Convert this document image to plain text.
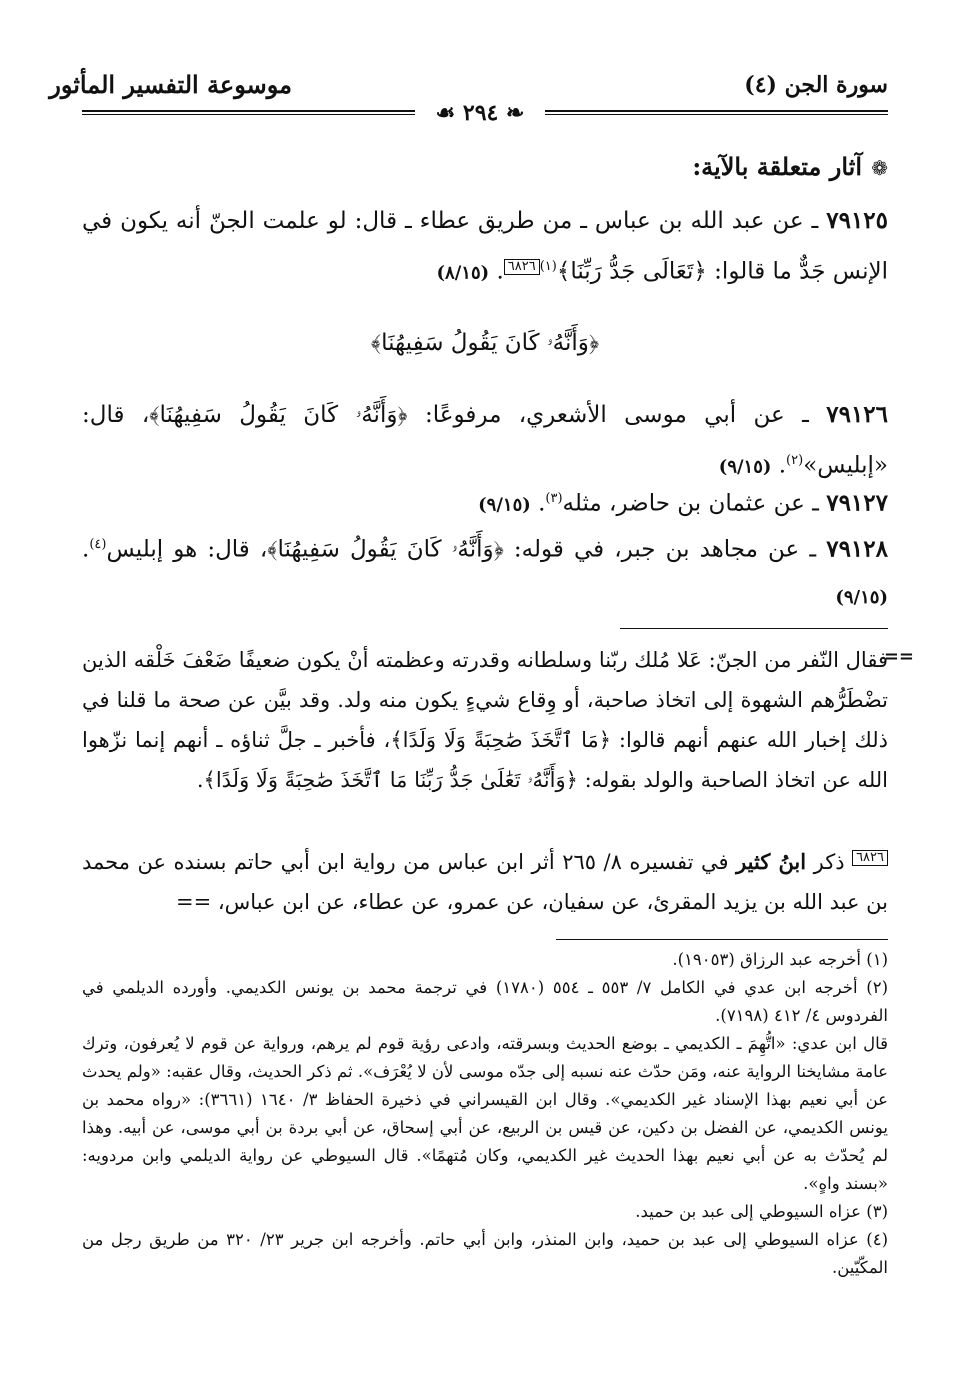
سورة الجن (٤)
موسوعة التفسير المأثور
❧ ٢٩٤ ☙
❁
آثار متعلقة بالآية:
٧٩١٢٥ ـ عن عبد الله بن عباس ـ من طريق عطاء ـ قال: لو علمت الجنّ أنه يكون في الإنس جَدٌّ ما قالوا: ﴿تَعَالَى جَدُّ رَبِّنَا﴾$^{(١)}$٦٨٢٦. (٨/١٥)
﴿وَأَنَّهُۥ كَانَ يَقُولُ سَفِيهُنَا﴾
٧٩١٢٦ ـ عن أبي موسى الأشعري، مرفوعًا: ﴿وَأَنَّهُۥ كَانَ يَقُولُ سَفِيهُنَا﴾، قال: «إبليس»$^{(٢)}$. (٩/١٥)
٧٩١٢٧ ـ عن عثمان بن حاضر، مثله$^{(٣)}$. (٩/١٥)
٧٩١٢٨ ـ عن مجاهد بن جبر، في قوله: ﴿وَأَنَّهُۥ كَانَ يَقُولُ سَفِيهُنَا﴾، قال: هو إبليس$^{(٤)}$. (٩/١٥)
==
فقال النّفر من الجنّ: عَلا مُلك ربّنا وسلطانه وقدرته وعظمته أنْ يكون ضعيفًا ضَعْفَ خَلْقه الذين تضْطَرُّهم الشهوة إلى اتخاذ صاحبة، أو وِقاع شيءٍ يكون منه ولد. وقد بيَّن عن صحة ما قلنا في ذلك إخبار الله عنهم أنهم قالوا: ﴿مَا ٱتَّخَذَ صَٰحِبَةً وَلَا وَلَدًا﴾، فأخبر ـ جلَّ ثناؤه ـ أنهم إنما نزّهوا الله عن اتخاذ الصاحبة والولد بقوله: ﴿وَأَنَّهُۥ تَعَٰلَىٰ جَدُّ رَبِّنَا مَا ٱتَّخَذَ صَٰحِبَةً وَلَا وَلَدًا﴾.
٦٨٢٦ ذكر ابنُ كثير في تفسيره ٨/ ٢٦٥ أثر ابن عباس من رواية ابن أبي حاتم بسنده عن محمد بن عبد الله بن يزيد المقرئ، عن سفيان، عن عمرو، عن عطاء، عن ابن عباس، ==
(١) أخرجه عبد الرزاق (١٩٠٥٣).
(٢) أخرجه ابن عدي في الكامل ٧/ ٥٥٣ ـ ٥٥٤ (١٧٨٠) في ترجمة محمد بن يونس الكديمي. وأورده الديلمي في الفردوس ٤/ ٤١٢ (٧١٩٨).
قال ابن عدي: «اتُّهِمَ ـ الكديمي ـ بوضع الحديث وبسرقته، وادعى رؤية قوم لم يرهم، ورواية عن قوم لا يُعرفون، وترك عامة مشايخنا الرواية عنه، ومَن حدّث عنه نسبه إلى جدّه موسى لأن لا يُعْرَف». ثم ذكر الحديث، وقال عقبه: «ولم يحدث عن أبي نعيم بهذا الإسناد غير الكديمي». وقال ابن القيسراني في ذخيرة الحفاظ ٣/ ١٦٤٠ (٣٦٦١): «رواه محمد بن يونس الكديمي، عن الفضل بن دكين، عن قيس بن الربيع، عن أبي إسحاق، عن أبي بردة بن أبي موسى، عن أبيه. وهذا لم يُحدّث به عن أبي نعيم بهذا الحديث غير الكديمي، وكان مُتهمًا». قال السيوطي عن رواية الديلمي وابن مردويه: «بسند واهٍ».
(٣) عزاه السيوطي إلى عبد بن حميد.
(٤) عزاه السيوطي إلى عبد بن حميد، وابن المنذر، وابن أبي حاتم. وأخرجه ابن جرير ٢٣/ ٣٢٠ من طريق رجل من المكّيّين.
